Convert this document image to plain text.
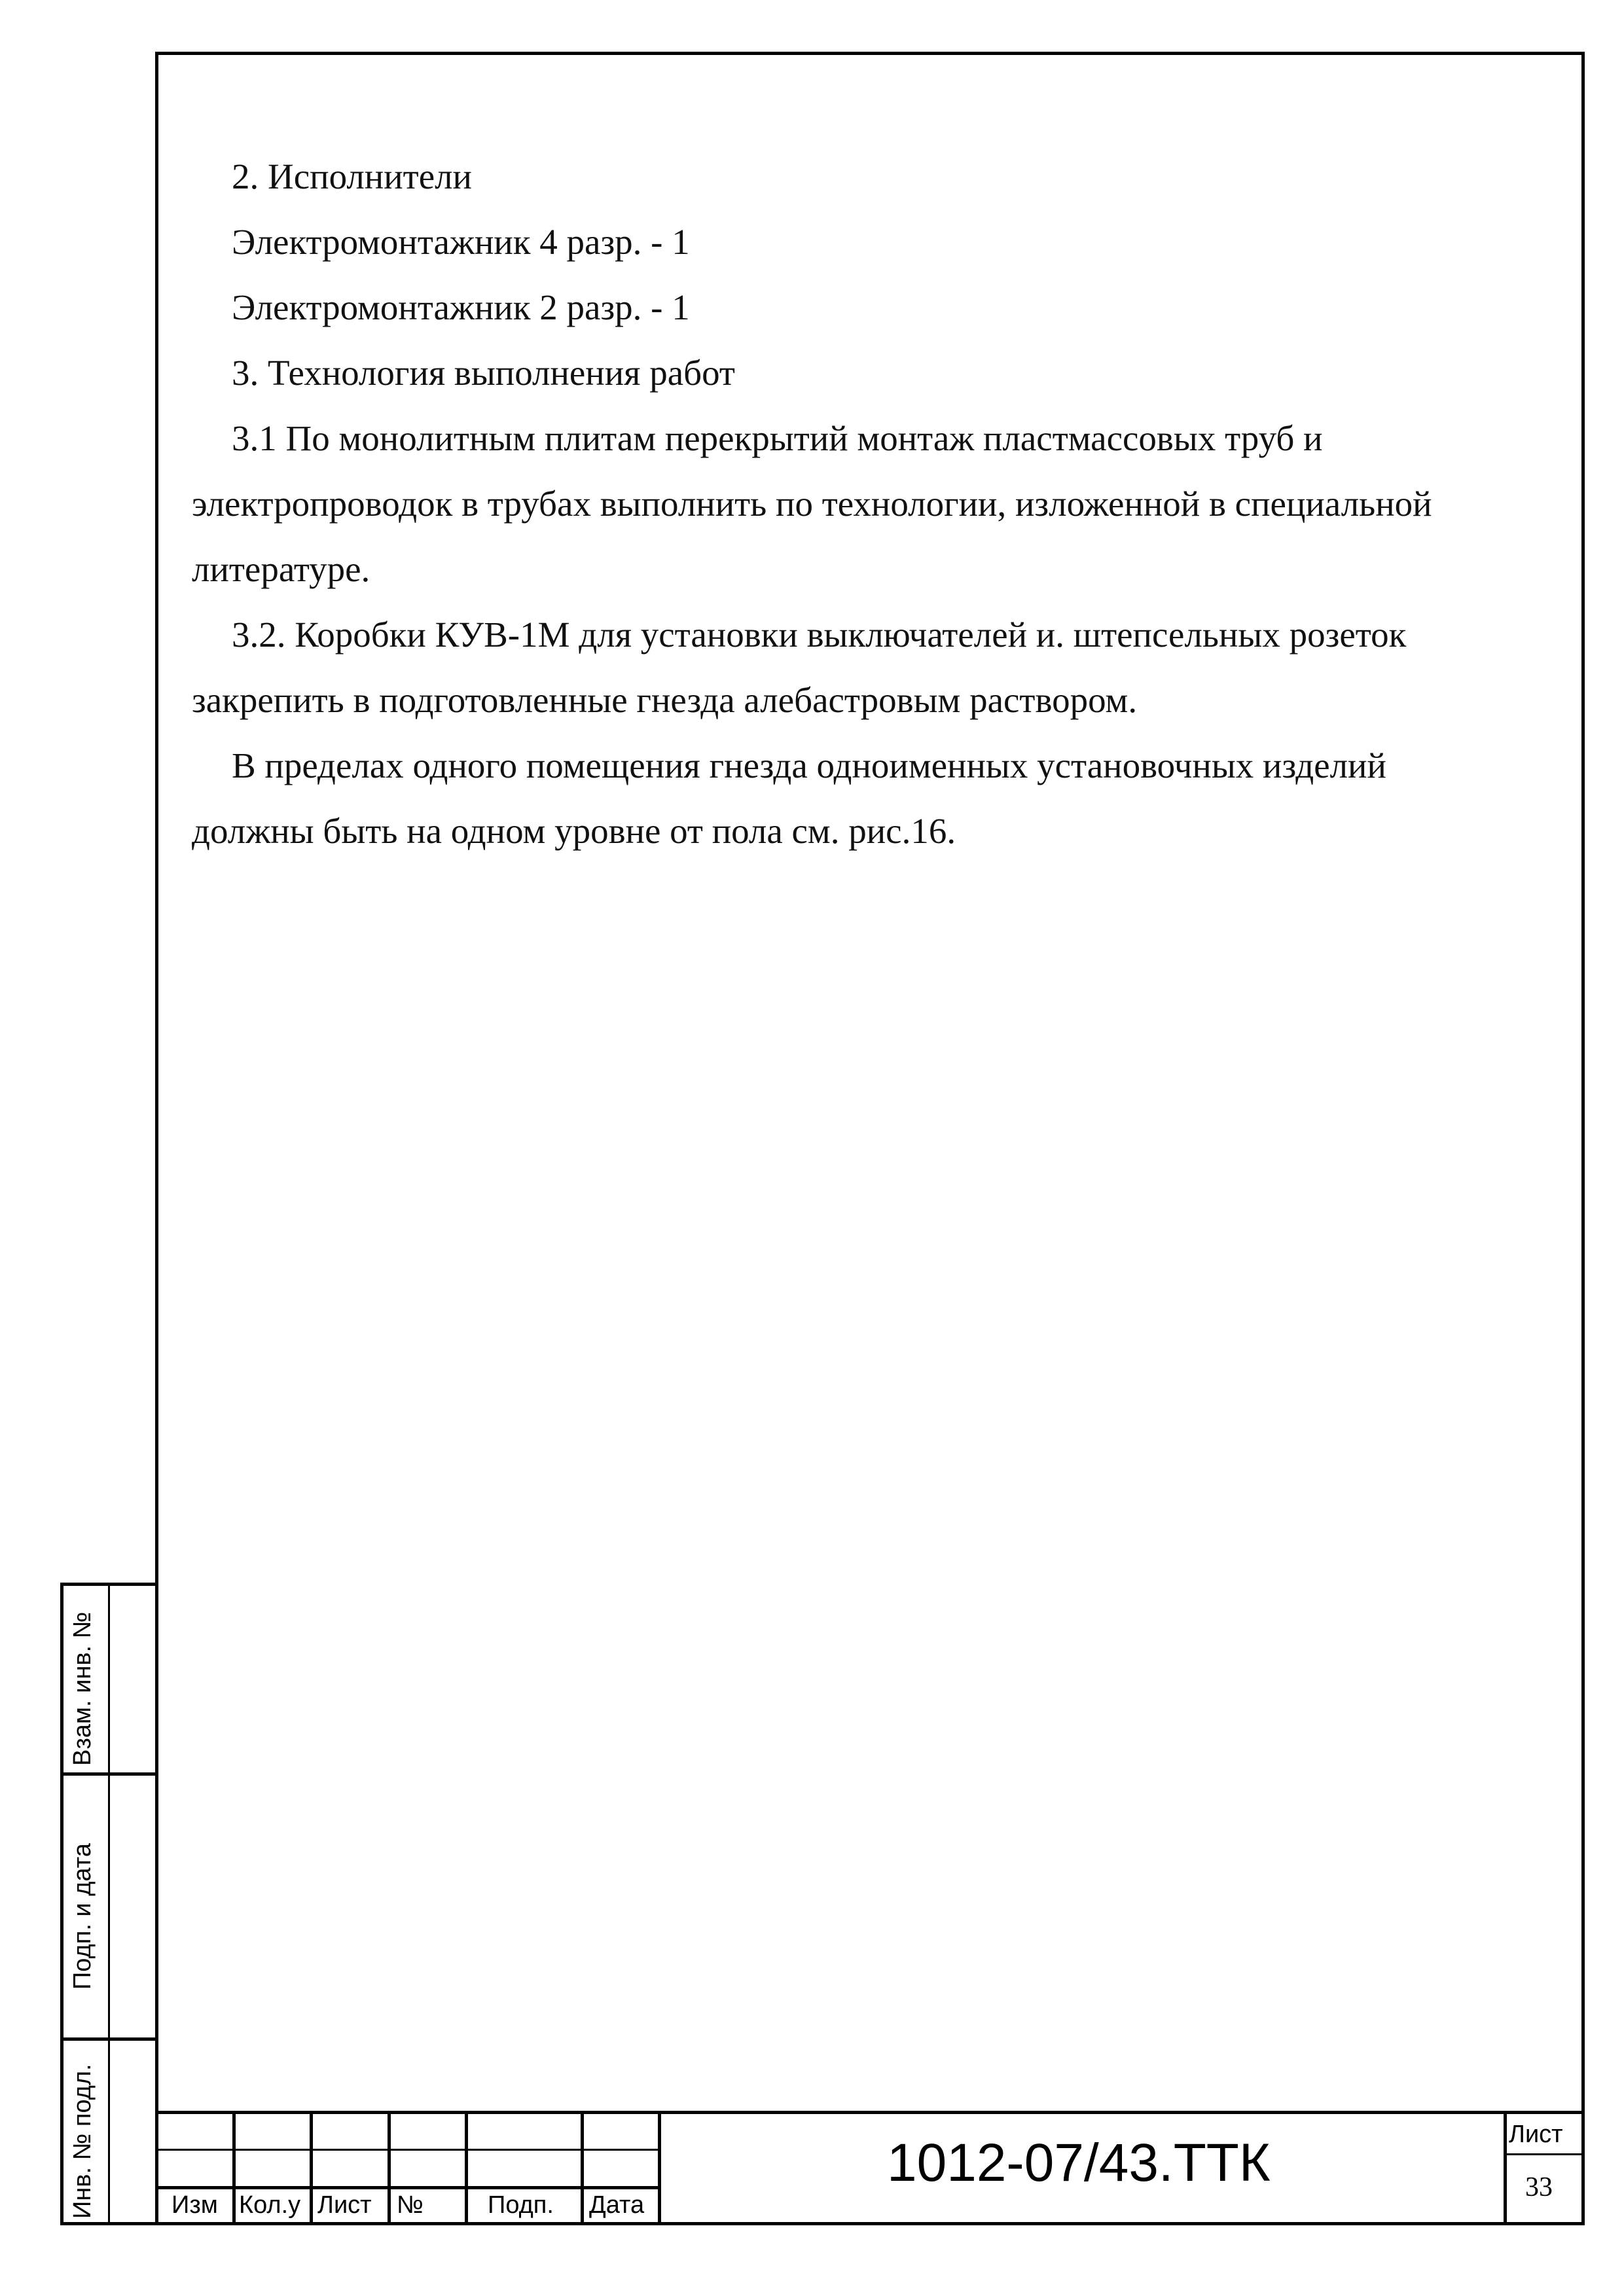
2. Исполнители
Электромонтажник 4 разр. - 1
Электромонтажник 2 разр. - 1
3. Технология выполнения работ
3.1 По монолитным плитам перекрытий монтаж пластмассовых труб и
электропроводок в трубах выполнить по технологии, изложенной в специальной
литературе.
3.2. Коробки КУВ-1М для установки выключателей и. штепсельных розеток
закрепить в подготовленные гнезда алебастровым раствором.
В пределах одного помещения гнезда одноименных установочных изделий
должны быть на одном уровне от пола см. рис.16.
Взам. инв. №
Подп. и дата
Инв. № подл.	Изм Кол.у Лист №	Подп. Дата
1012-07/43.ТТК	Лист
33
